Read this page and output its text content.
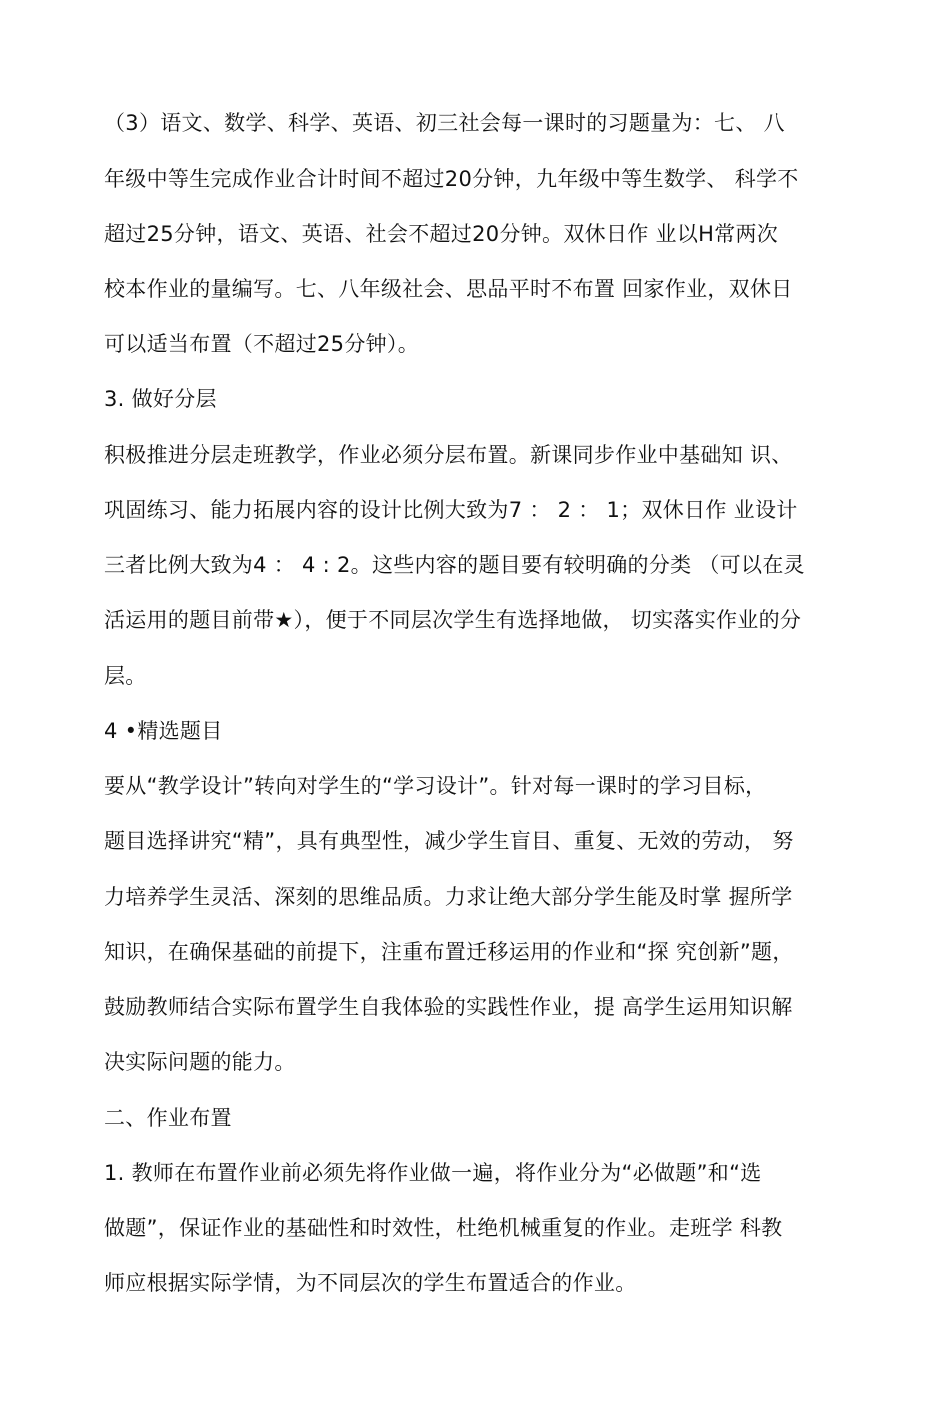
（3）语文、数学、科学、英语、初三社会每一课时的习题量为：七、 八
年级中等生完成作业合计时间不超过20分钟，九年级中等生数学、 科学不
超过25分钟，语文、英语、社会不超过20分钟。双休日作 业以H常两次
校本作业的量编写。七、八年级社会、思品平时不布置 回家作业，双休日
可以适当布置（不超过25分钟）。
3. 做好分层
积极推进分层走班教学，作业必须分层布置。新课同步作业中基础知 识、
巩固练习、能力拓展内容的设计比例大致为7 ： 2 ： 1；双休日作 业设计
三者比例大致为4 ： 4 : 2。这些内容的题目要有较明确的分类 （可以在灵
活运用的题目前带★），便于不同层次学生有选择地做， 切实落实作业的分
层。
4 •精选题目
要从“教学设计”转向对学生的“学习设计”。针对每一课时的学习目标，
题目选择讲究“精”，具有典型性，减少学生盲目、重复、无效的劳动， 努
力培养学生灵活、深刻的思维品质。力求让绝大部分学生能及时掌 握所学
知识，在确保基础的前提下，注重布置迁移运用的作业和“探 究创新”题，
鼓励教师结合实际布置学生自我体验的实践性作业，提 高学生运用知识解
决实际问题的能力。
二、作业布置
1. 教师在布置作业前必须先将作业做一遍，将作业分为“必做题”和“选
做题”，保证作业的基础性和时效性，杜绝机械重复的作业。走班学 科教
师应根据实际学情，为不同层次的学生布置适合的作业。
